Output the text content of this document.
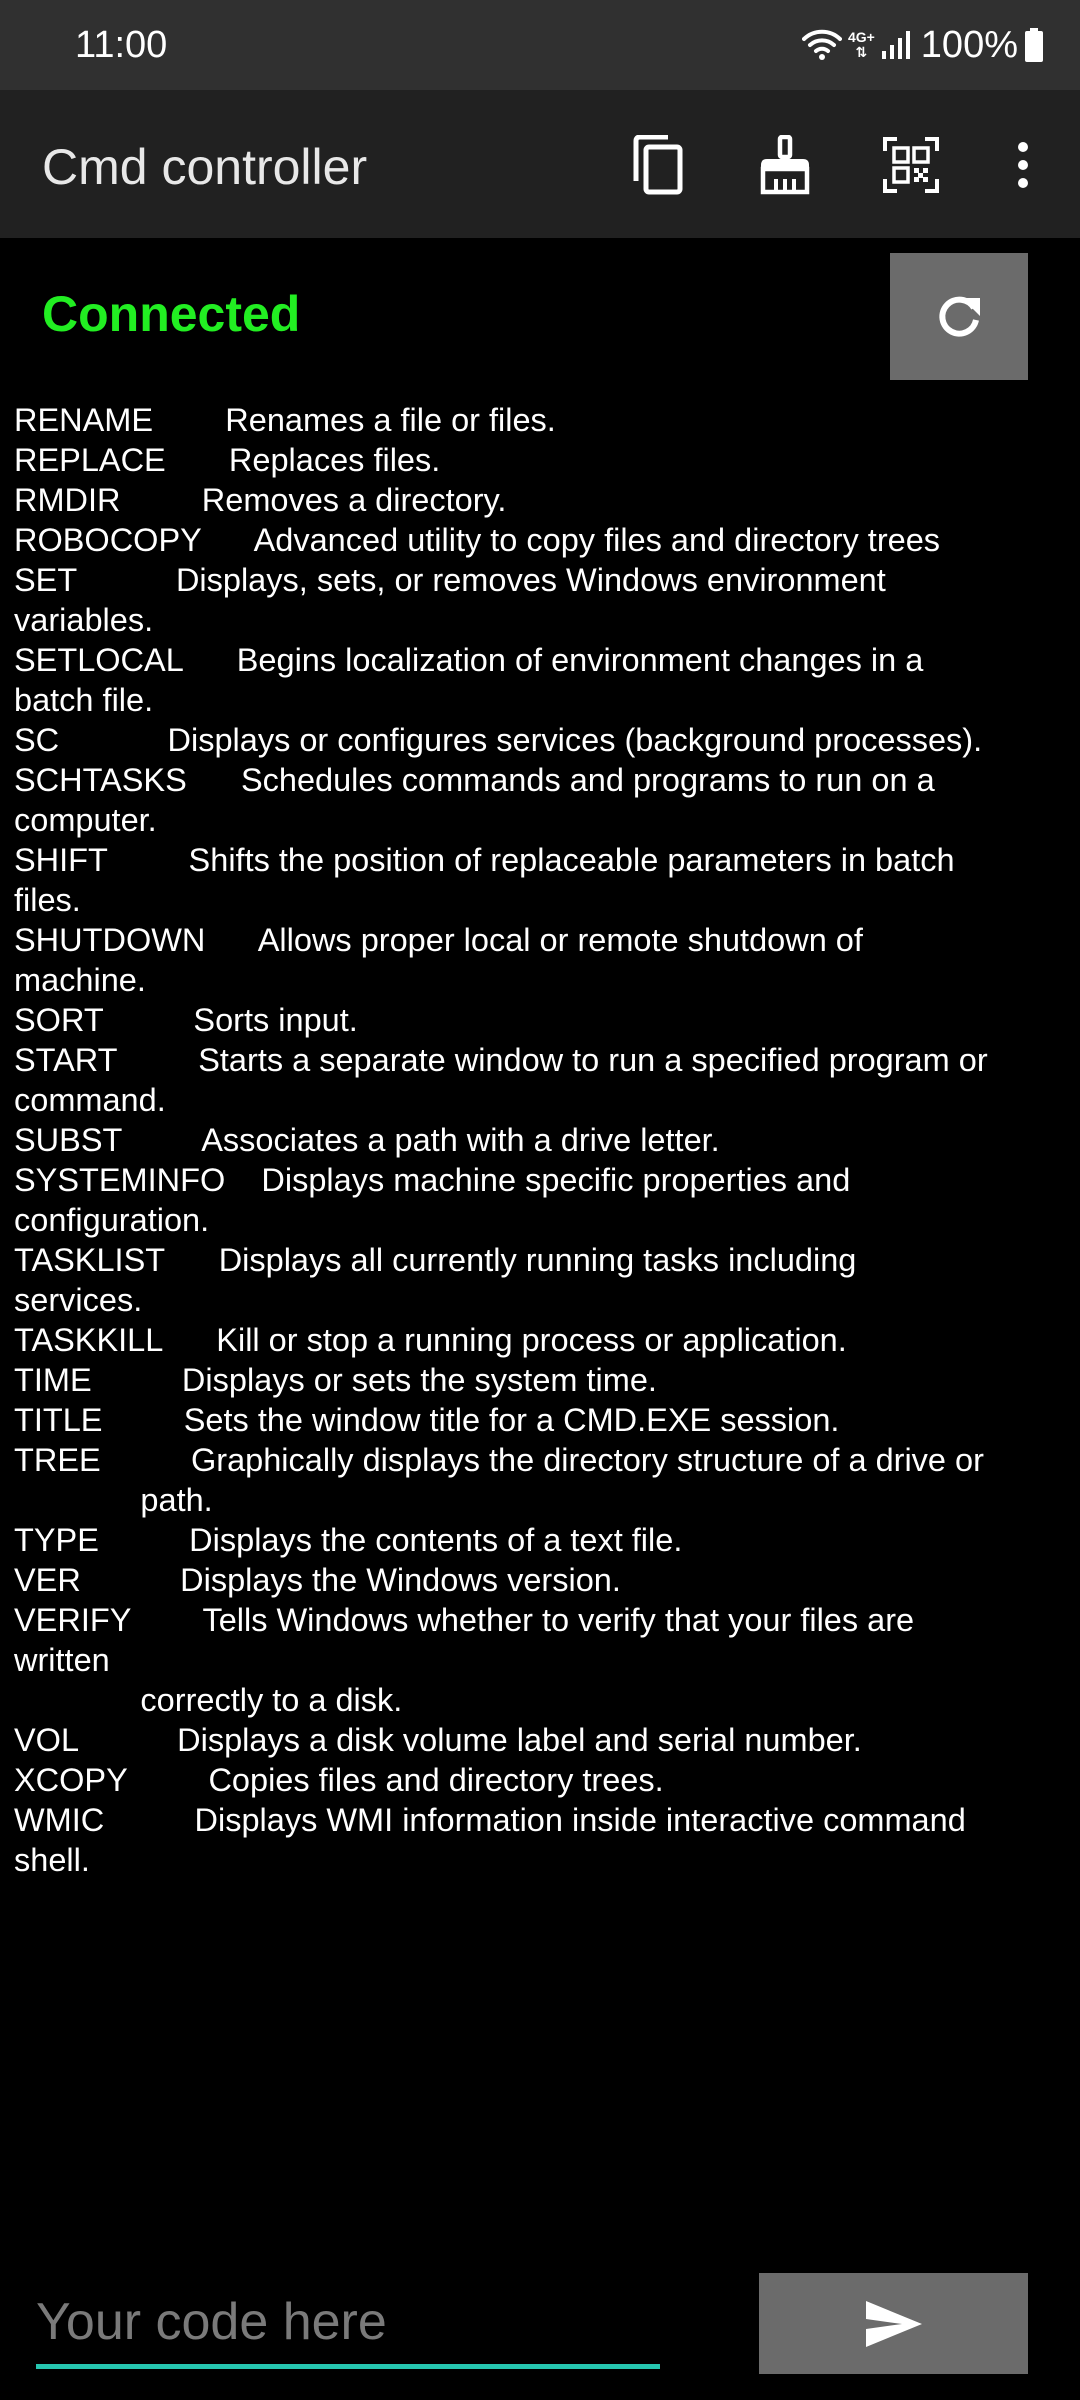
11:00	4G+
⇅ 100%
Cmd controller
Connected
RENAME        Renames a file or files.
REPLACE       Replaces files.
RMDIR         Removes a directory.
ROBOCOPY      Advanced utility to copy files and directory trees
SET           Displays, sets, or removes Windows environment
variables.
SETLOCAL      Begins localization of environment changes in a
batch file.
SC            Displays or configures services (background processes).
SCHTASKS      Schedules commands and programs to run on a
computer.
SHIFT         Shifts the position of replaceable parameters in batch
files.
SHUTDOWN      Allows proper local or remote shutdown of
machine.
SORT          Sorts input.
START         Starts a separate window to run a specified program or
command.
SUBST         Associates a path with a drive letter.
SYSTEMINFO    Displays machine specific properties and
configuration.
TASKLIST      Displays all currently running tasks including
services.
TASKKILL      Kill or stop a running process or application.
TIME          Displays or sets the system time.
TITLE         Sets the window title for a CMD.EXE session.
TREE          Graphically displays the directory structure of a drive or
path.
TYPE          Displays the contents of a text file.
VER           Displays the Windows version.
VERIFY        Tells Windows whether to verify that your files are
written
correctly to a disk.
VOL           Displays a disk volume label and serial number.
XCOPY         Copies files and directory trees.
WMIC          Displays WMI information inside interactive command
shell.
Your code here
